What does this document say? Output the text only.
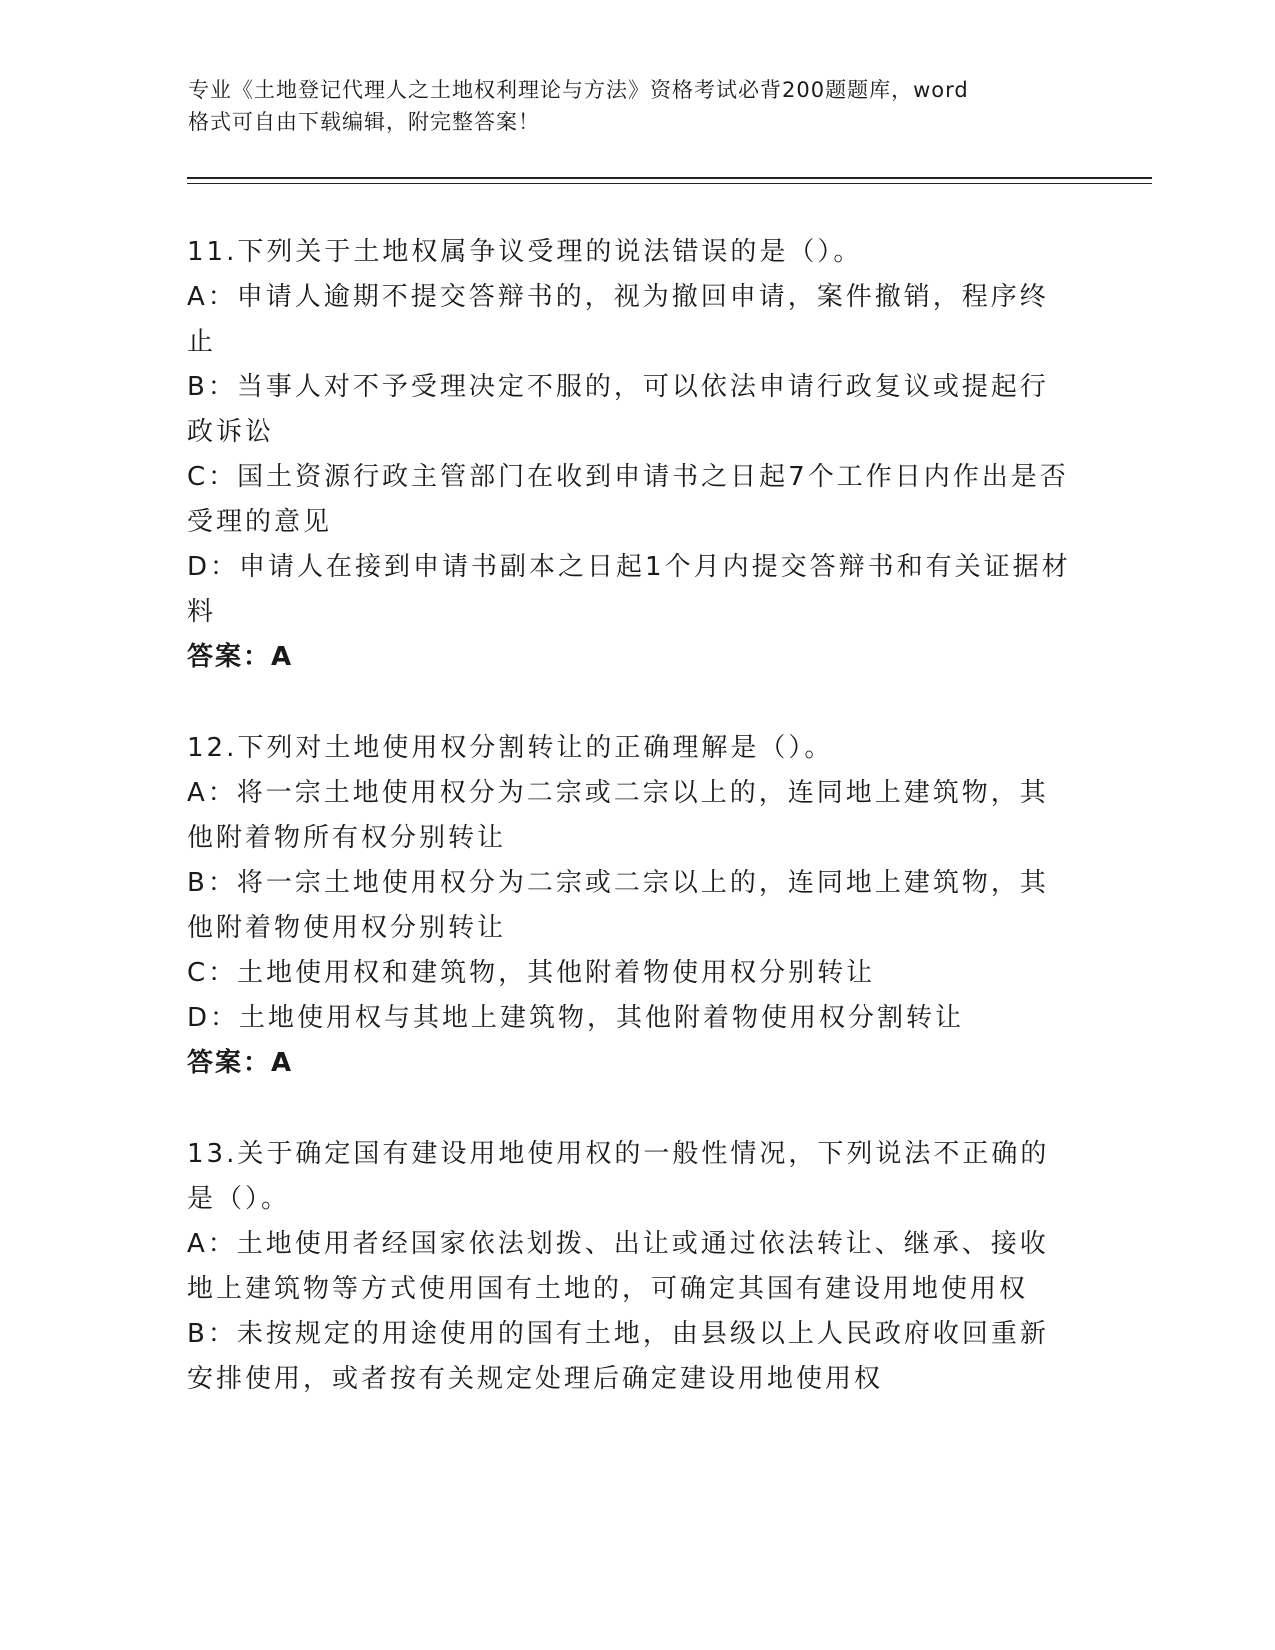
专业《土地登记代理人之土地权利理论与方法》资格考试必背200题题库，word
格式可自由下载编辑，附完整答案！

11.下列关于土地权属争议受理的说法错误的是（）。

A：申请人逾期不提交答辩书的，视为撤回申请，案件撤销，程序终止

B：当事人对不予受理决定不服的，可以依法申请行政复议或提起行政诉讼

C：国土资源行政主管部门在收到申请书之日起7个工作日内作出是否受理的意见

D：申请人在接到申请书副本之日起1个月内提交答辩书和有关证据材料

答案：A

12.下列对土地使用权分割转让的正确理解是（）。

A：将一宗土地使用权分为二宗或二宗以上的，连同地上建筑物，其他附着物所有权分别转让

B：将一宗土地使用权分为二宗或二宗以上的，连同地上建筑物，其他附着物使用权分别转让

C：土地使用权和建筑物，其他附着物使用权分别转让

D：土地使用权与其地上建筑物，其他附着物使用权分割转让

答案：A

13.关于确定国有建设用地使用权的一般性情况，下列说法不正确的是（）。

A：土地使用者经国家依法划拨、出让或通过依法转让、继承、接收地上建筑物等方式使用国有土地的，可确定其国有建设用地使用权

B：未按规定的用途使用的国有土地，由县级以上人民政府收回重新安排使用，或者按有关规定处理后确定建设用地使用权
